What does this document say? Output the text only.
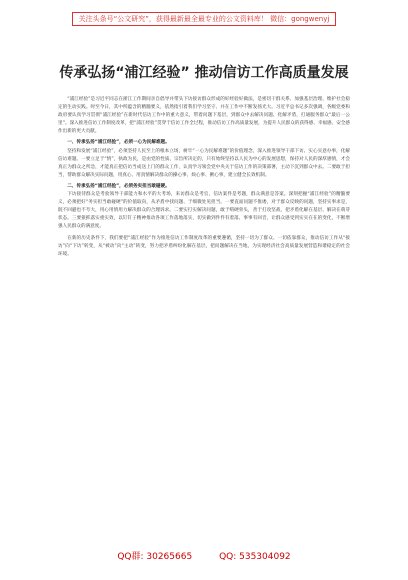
关注头条号“公文研究”，获得最新最全最专业的公文资料库！ 微信：gongwenyj
传承弘扬“浦江经验” 推动信访工作高质量发展

“浦江经验”是习近平同志在浙江工作期间亲自倡导并带头下访接访群众形成的好经验好做法，是密切干群关系、加强基层治理、维护社会稳定的生动实践。时至今日，其中所蕴含的精髓要义，依然指引着我们学习坚守、并在工作中不断发扬光大。习近平总书记多次强调，各级党委和政府要认真学习贯彻“浦江经验”在新时代信访工作中的重大意义，带着问题下基层，到群众中去解决问题、化解矛盾，打通服务群众“最后一公里”。深入推进信访工作制度改革，把“浦江经验”贯穿于信访工作全过程，推动信访工作高质量发展，为提升人民群众的获得感、幸福感、安全感作出新的更大贡献。

一、传承弘扬“浦江经验”，必须一心为民解难题。

坚持和发展“浦江经验”，必须坚持人民至上的根本立场，树牢“一心为民解难题”的价值理念，深入推进领导干部下访、实心实意办事，化解信访难题。一要立足于“情”，执政为民，是由党的性质、宗旨所决定的，只有始终坚持以人民为中心的发展思想，保持对人民的深厚感情，才会真正为群众之所急，才能真正把信访当成送上门的群众工作，认真学习领会党中央关于信访工作的决策部署，主动下沉到群众中去。二要敢于担当，帮助群众解决实际问题，用真心、用真情解决群众的操心事、烦心事、揪心事，建立健全长效机制。

二、传承弘扬“浦江经验”，必须务实担当敢碰硬。

下访接待群众是考验领导干部能力和水平的大考场，来访群众是考官，信访案件是考题，群众满意是答案。深刻把握“浦江经验”的精髓要义，必须把好“务实担当敢碰硬”的价值取向，从矛盾中找问题、于细微处见担当。一要直面问题不推诿，对于群众反映的问题，坚持实事求是，既不回避也不夸大，用心用情用力解决群众的合理诉求。二要实打实解决问题，敢于啃硬骨头，善于打攻坚战，把矛盾化解在基层、解决在萌芽状态。三要狠抓落实重实效，以钉钉子精神推动各项工作落地落实，切实做到件件有着落、事事有回音，让群众感受到实实在在的变化，不断增强人民群众的满意度。

在新的历史条件下，我们要把“浦江经验”作为推进信访工作制度改革的重要遵循，坚持一切为了群众、一切依靠群众，推动信访工作从“接访”向“下访”转变，从“被动”向“主动”转变，努力把矛盾纠纷化解在基层，把问题解决在当地，为实现经济社会高质量发展营造和谐稳定的社会环境。

QQ群: 30265665	QQ: 535304092
